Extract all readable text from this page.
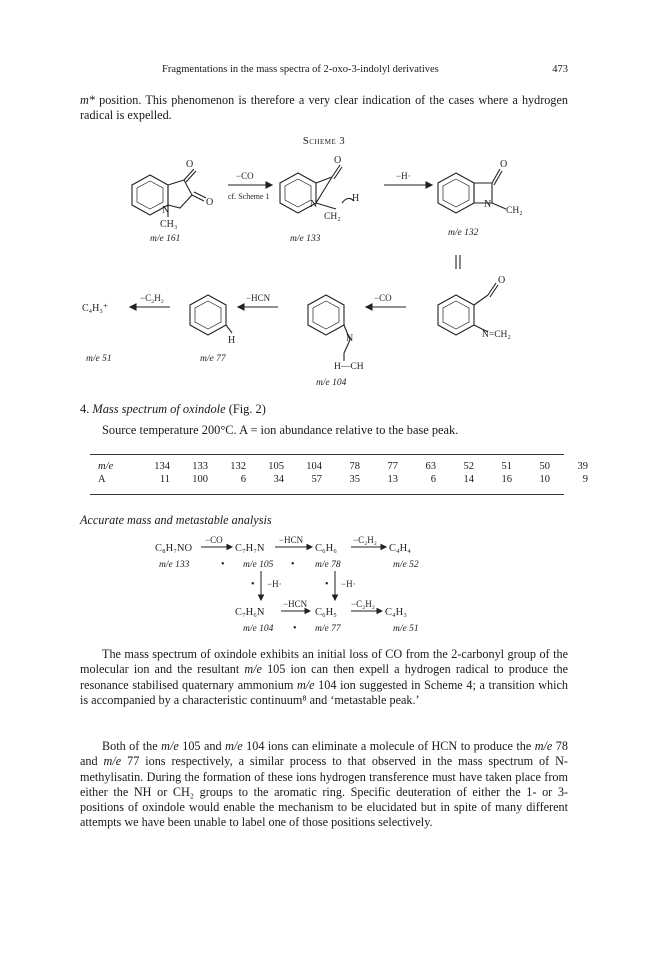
Fragmentations in the mass spectra of 2-oxo-3-indolyl derivatives	473

m* position. This phenomenon is therefore a very clear indication of the cases where a hydrogen radical is expelled.

Scheme 3
O
N
O
CH₃
m/e 161
−CO
cf. Scheme 1
O
N
H
CH₂
m/e 133
−H·
O
N
CH₂
m/e 132
O
N=CH₂
−CO
N
H—CH
m/e 104
−HCN
H
m/e 77
−C₂H₂
C₄H₃⁺
m/e 51
4. Mass spectrum of oxindole (Fig. 2)
Source temperature 200°C. A = ion abundance relative to the base peak.
m/e	134	133	132	105	104	78	77	63	52	51	50	39
A	11	100	6	34	57	35	13	6	14	16	10	9
Accurate mass and metastable analysis
C₈H₇NO
−CO
C₇H₇N
−HCN
C₆H₆
−C₂H₂
C₄H₄
m/e 133	• m/e 105 • m/e 78	m/e 52
• −H·	• −H·
C₇H₆N
−HCN
C₆H₅
−C₂H₂
C₄H₃
m/e 104 • m/e 77	m/e 51

The mass spectrum of oxindole exhibits an initial loss of CO from the 2-carbonyl group of the molecular ion and the resultant m/e 105 ion can then expell a hydrogen radical to produce the resonance stabilised quaternary ammonium m/e 104 ion suggested in Scheme 4; a transition which is accompanied by a characteristic continuum⁸ and ‘metastable peak.’

Both of the m/e 105 and m/e 104 ions can eliminate a molecule of HCN to produce the m/e 78 and m/e 77 ions respectively, a similar process to that observed in the mass spectrum of N-methylisatin. During the formation of these ions hydrogen transference must have taken place from either the NH or CH₂ groups to the aromatic ring. Specific deuteration of either the 1- or 3-positions of oxindole would enable the mechanism to be elucidated but in spite of many different attempts we have been unable to label one of those positions selectively.
